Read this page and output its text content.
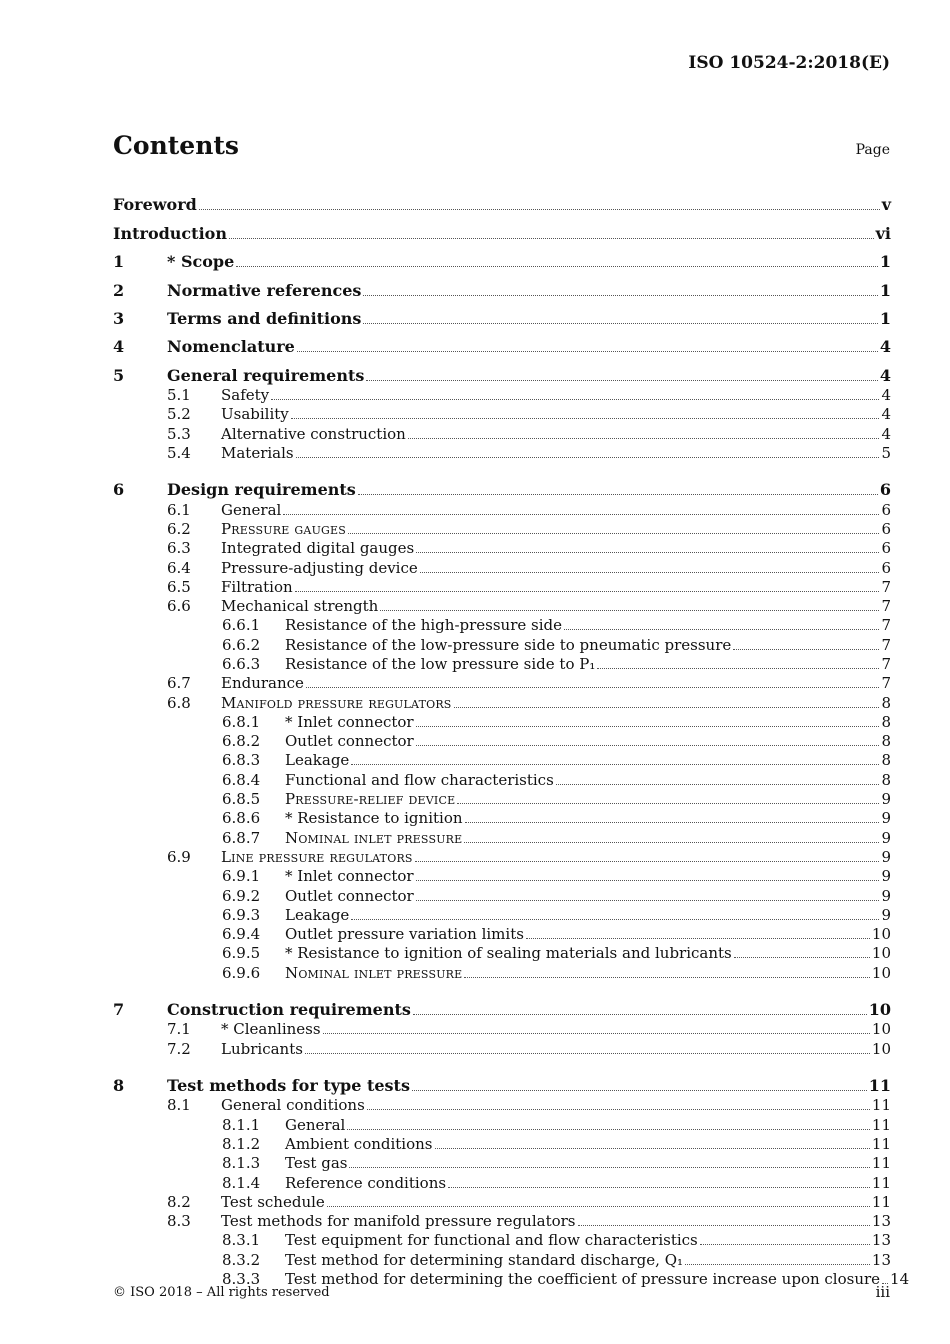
ISO 10524-2:2018(E)
Contents	Page
Foreword	v
Introduction	vi
1	* Scope	1
2	Normative references	1
3	Terms and definitions	1
4	Nomenclature	4
5	General requirements	4
5.1 Safety	4
5.2 Usability	4
5.3 Alternative construction	4
5.4 Materials	5
6	Design requirements	6
6.1 General	6
6.2 Pressure gauges	6
6.3 Integrated digital gauges	6
6.4 Pressure-adjusting device	6
6.5 Filtration	7
6.6 Mechanical strength	7
6.6.1 Resistance of the high-pressure side	7
6.6.2 Resistance of the low-pressure side to pneumatic pressure	7
6.6.3 Resistance of the low pressure side to P₁	7
6.7 Endurance	7
6.8 Manifold pressure regulators	8
6.8.1 * Inlet connector	8
6.8.2 Outlet connector	8
6.8.3 Leakage	8
6.8.4 Functional and flow characteristics	8
6.8.5 Pressure-relief device	9
6.8.6 * Resistance to ignition	9
6.8.7 Nominal inlet pressure	9
6.9 Line pressure regulators	9
6.9.1 * Inlet connector	9
6.9.2 Outlet connector	9
6.9.3 Leakage	9
6.9.4 Outlet pressure variation limits	10
6.9.5 * Resistance to ignition of sealing materials and lubricants	10
6.9.6 Nominal inlet pressure	10
7	Construction requirements	10
7.1 * Cleanliness	10
7.2 Lubricants	10
8	Test methods for type tests	11
8.1 General conditions	11
8.1.1 General	11
8.1.2 Ambient conditions	11
8.1.3 Test gas	11
8.1.4 Reference conditions	11
8.2 Test schedule	11
8.3 Test methods for manifold pressure regulators	13
8.3.1 Test equipment for functional and flow characteristics	13
8.3.2 Test method for determining standard discharge, Q₁	13
8.3.3 Test method for determining the coefficient of pressure increase upon closure 14
© ISO 2018 – All rights reserved	iii
